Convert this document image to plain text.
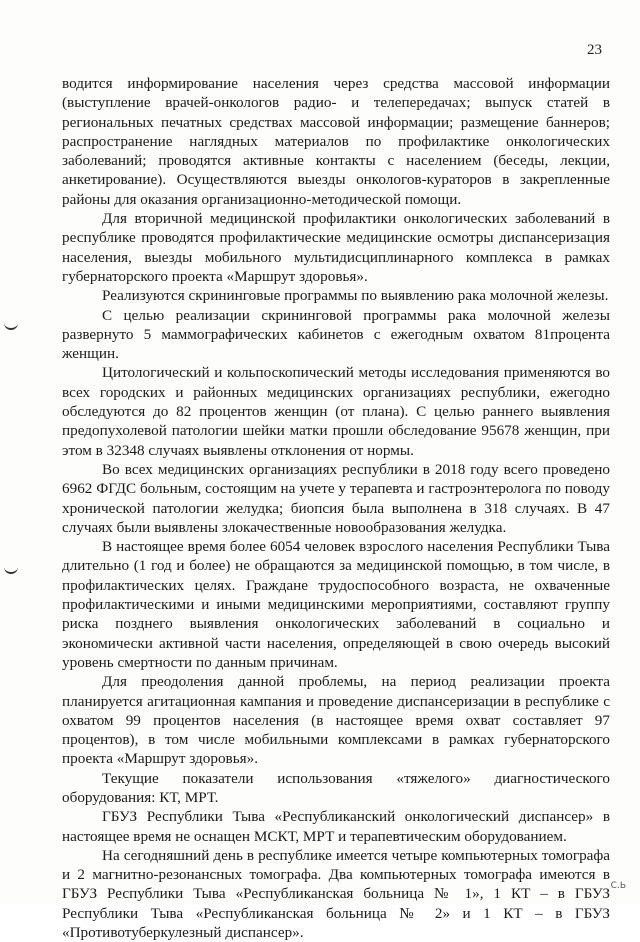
23

водится информирование населения через средства массовой информации (выступление врачей-онкологов радио- и телепередачах; выпуск статей в региональных печатных средствах массовой информации; размещение баннеров; распространение наглядных материалов по профилактике онкологических заболеваний; проводятся активные контакты с населением (беседы, лекции, анкетирование). Осуществляются выезды онкологов-кураторов в закрепленные районы для оказания организационно-методической помощи.

Для вторичной медицинской профилактики онкологических заболеваний в республике проводятся профилактические медицинские осмотры диспансеризация населения, выезды мобильного мультидисциплинарного комплекса в рамках губернаторского проекта «Маршрут здоровья».

Реализуются скрининговые программы по выявлению рака молочной железы.

С целью реализации скрининговой программы рака молочной железы развернуто 5 маммографических кабинетов с ежегодным охватом 81процента женщин.

Цитологический и кольпоскопический методы исследования применяются во всех городских и районных медицинских организациях республики, ежегодно обследуются до 82 процентов женщин (от плана). С целью раннего выявления предопухолевой патологии шейки матки прошли обследование 95678 женщин, при этом в 32348 случаях выявлены отклонения от нормы.

Во всех медицинских организациях республики в 2018 году всего проведено 6962 ФГДС больным, состоящим на учете у терапевта и гастроэнтеролога по поводу хронической патологии желудка; биопсия была выполнена в 318 случаях. В 47 случаях были выявлены злокачественные новообразования желудка.

В настоящее время более 6054 человек взрослого населения Республики Тыва длительно (1 год и более) не обращаются за медицинской помощью, в том числе, в профилактических целях. Граждане трудоспособного возраста, не охваченные профилактическими и иными медицинскими мероприятиями, составляют группу риска позднего выявления онкологических заболеваний в социально и экономически активной части населения, определяющей в свою очередь высокий уровень смертности по данным причинам.

Для преодоления данной проблемы, на период реализации проекта планируется агитационная кампания и проведение диспансеризации в республике с охватом 99 процентов населения (в настоящее время охват составляет 97 процентов), в том числе мобильными комплексами в рамках губернаторского проекта «Маршрут здоровья».

Текущие показатели использования «тяжелого» диагностического оборудования: КТ, МРТ.

ГБУЗ Республики Тыва «Республиканский онкологический диспансер» в настоящее время не оснащен МСКТ, МРТ и терапевтическим оборудованием.

На сегодняшний день в республике имеется четыре компьютерных томографа и 2 магнитно-резонансных томографа. Два компьютерных томографа имеются в ГБУЗ Республики Тыва «Республиканская больница № 1», 1 КТ – в ГБУЗ Республики Тыва «Республиканская больница № 2» и 1 КТ – в ГБУЗ «Противотуберкулезный диспансер».

С.Ь
